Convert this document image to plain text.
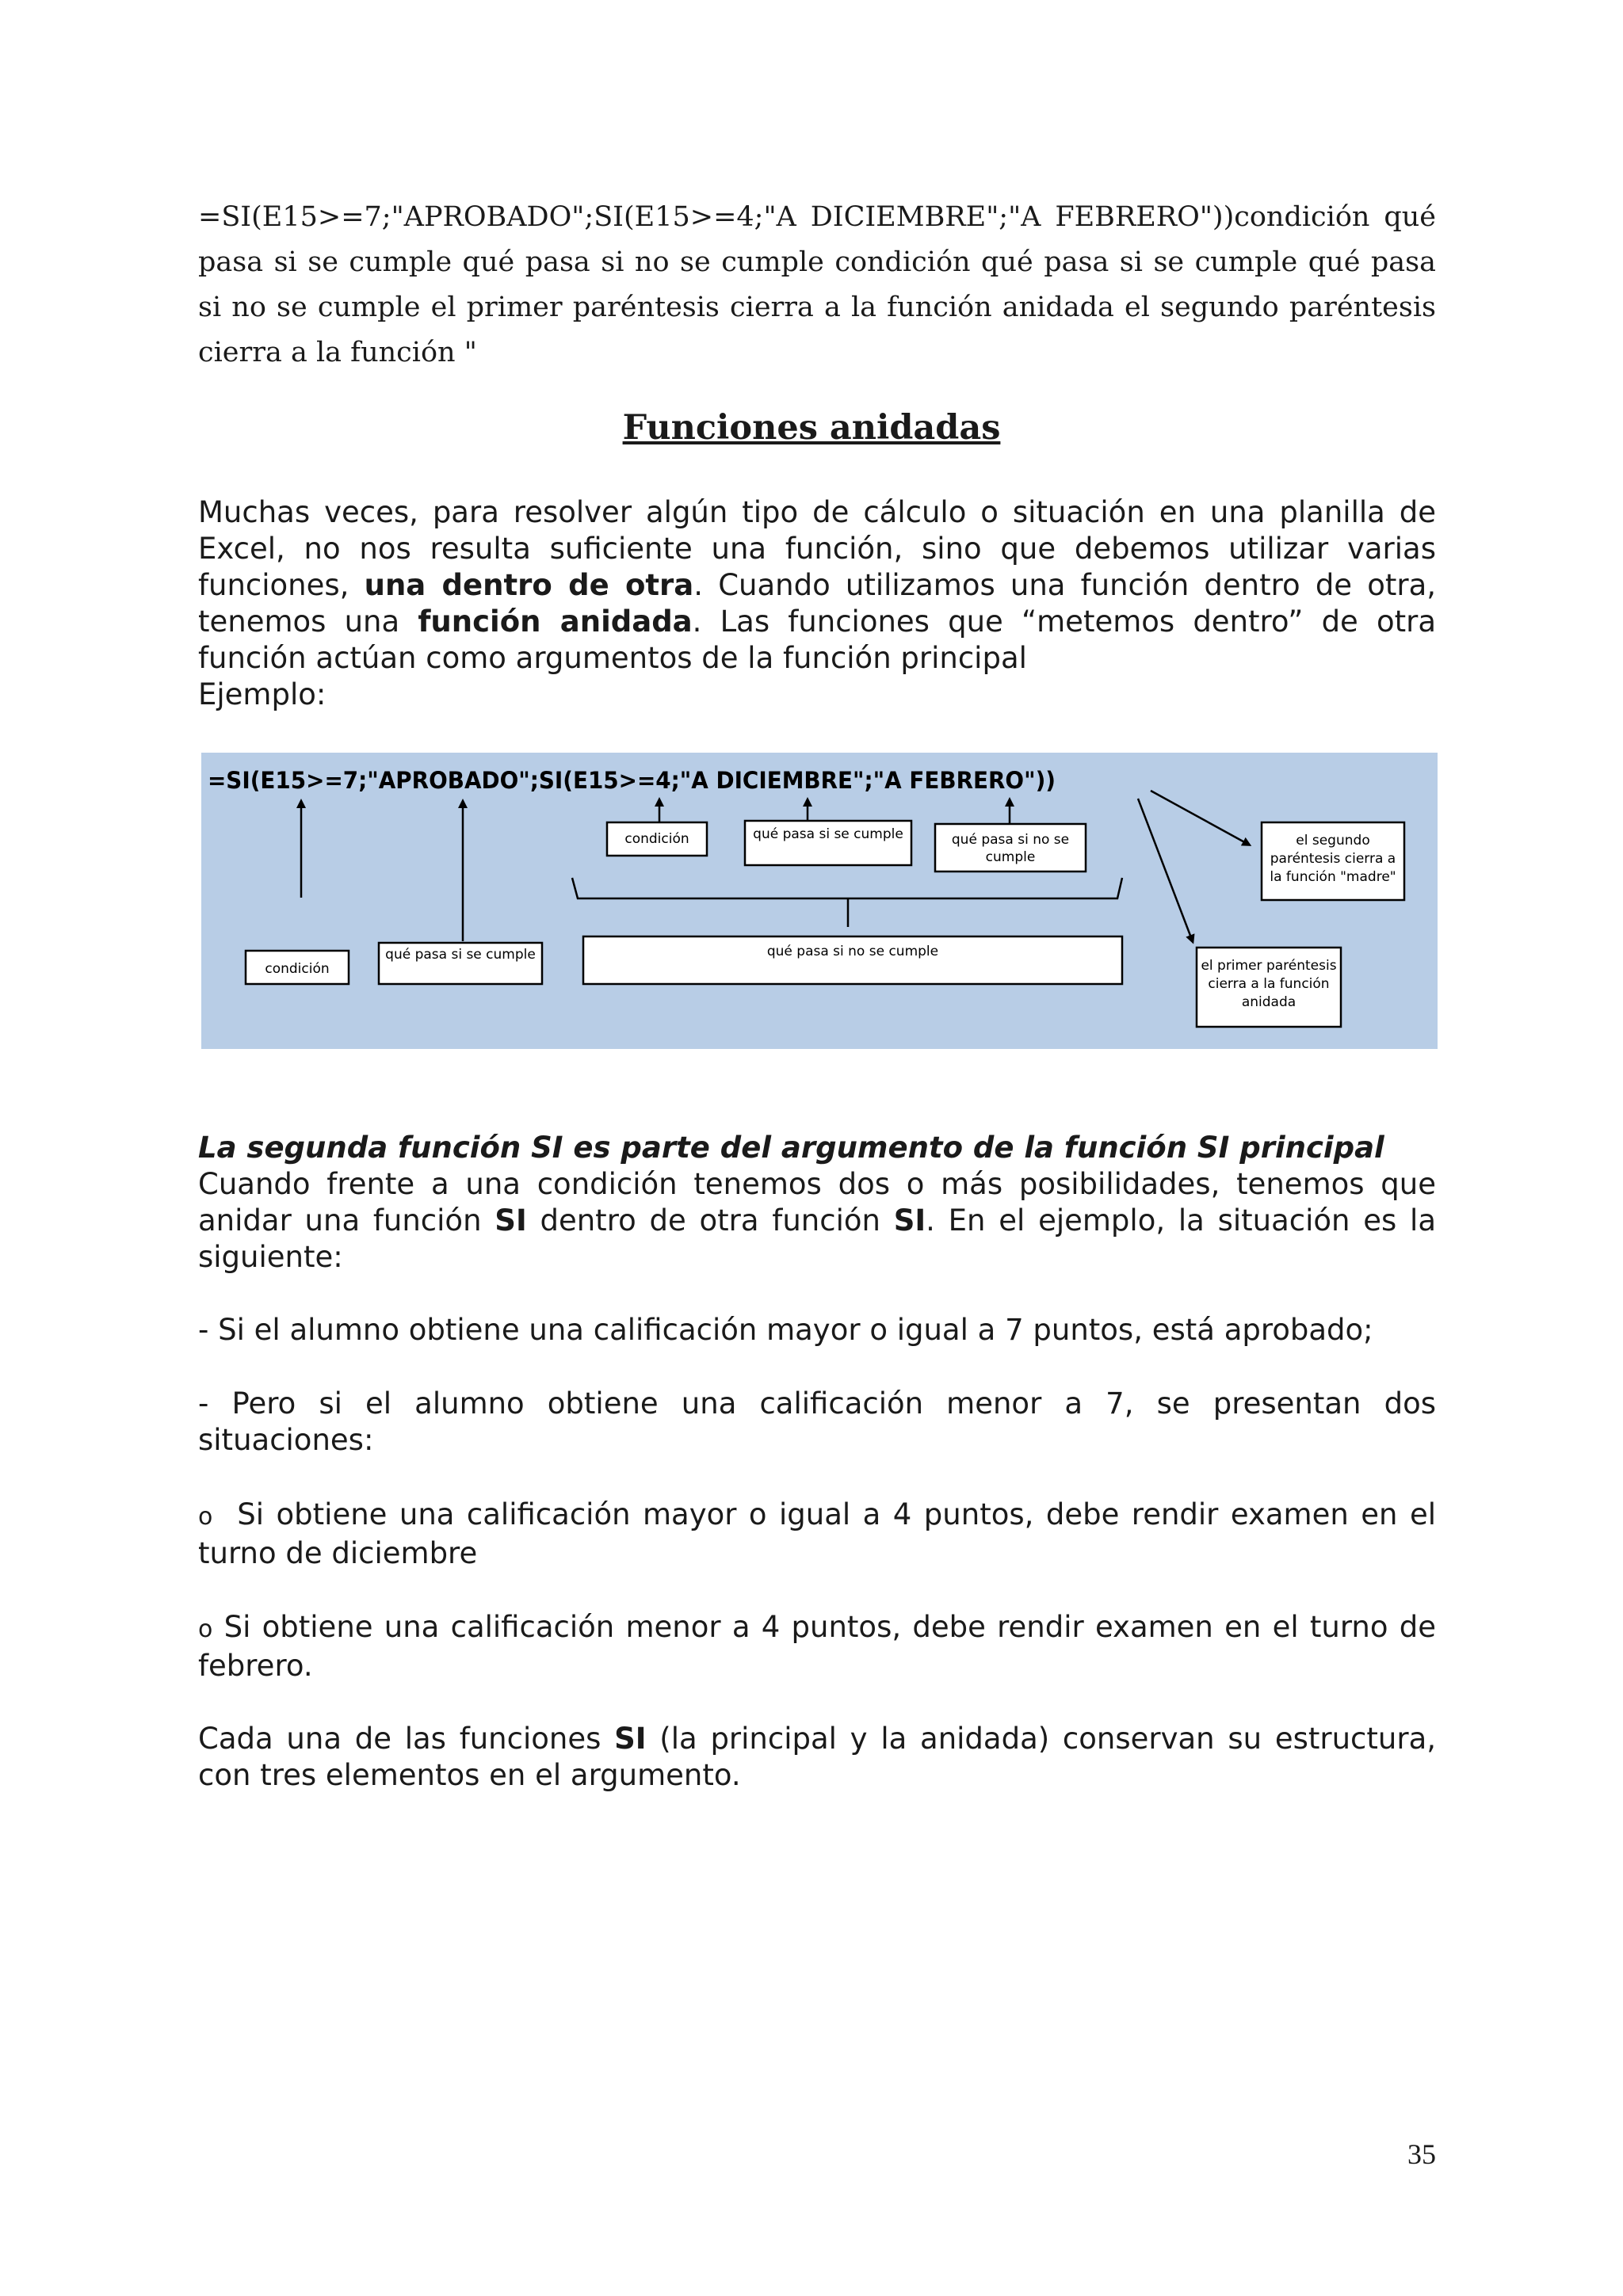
=SI(E15>=7;"APROBADO";SI(E15>=4;"A DICIEMBRE";"A FEBRERO"))condición qué pasa si se cumple qué pasa si no se cumple condición qué pasa si se cumple qué pasa si no se cumple el primer paréntesis cierra a la función anidada el segundo paréntesis cierra a la función "

Funciones anidadas

Muchas veces, para resolver algún tipo de cálculo o situación en una planilla de Excel, no nos resulta suficiente una función, sino que debemos utilizar varias funciones, una dentro de otra. Cuando utilizamos una función dentro de otra, tenemos una función anidada. Las funciones que “metemos dentro” de otra función actúan como argumentos de la función principal
Ejemplo:

=SI(E15>=7;"APROBADO";SI(E15>=4;"A DICIEMBRE";"A FEBRERO"))
condición
qué pasa si se cumple	qué pasa si no se cumple
condición	qué pasa si se cumple	qué pasa si no se
cumple
el segundo
paréntesis cierra a
la función "madre"
el primer paréntesis
cierra a la función
anidada

La segunda función SI es parte del argumento de la función SI principal
Cuando frente a una condición tenemos dos o más posibilidades, tenemos que anidar una función SI dentro de otra función SI. En el ejemplo, la situación es la siguiente:

- Si el alumno obtiene una calificación mayor o igual a 7 puntos, está aprobado;

- Pero si el alumno obtiene una calificación menor a 7, se presentan dos situaciones:

o Si obtiene una calificación mayor o igual a 4 puntos, debe rendir examen en el turno de diciembre

o Si obtiene una calificación menor a 4 puntos, debe rendir examen en el turno de febrero.

Cada una de las funciones SI (la principal y la anidada) conservan su estructura, con tres elementos en el argumento.

35
